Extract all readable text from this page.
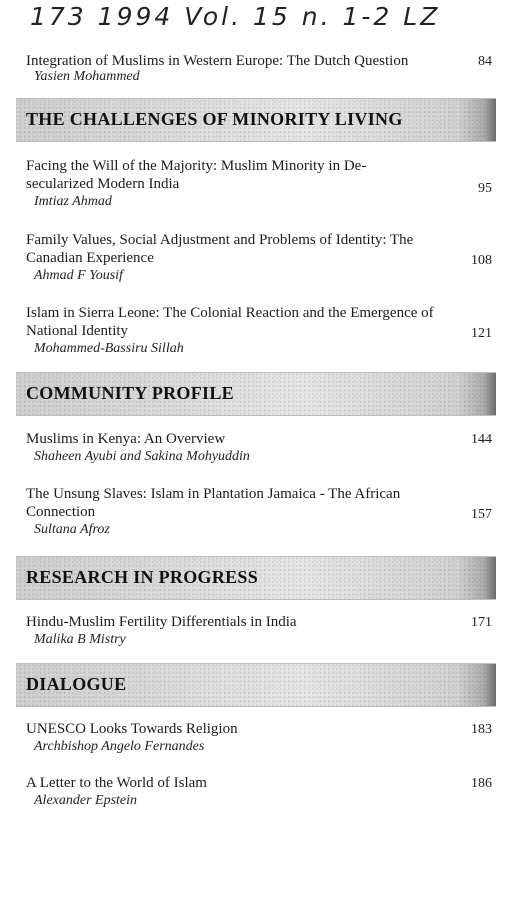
173 1994 Vol. 15 n. 1-2 LZ
Integration of Muslims in Western Europe: The Dutch Question
Yasien Mohammed
84
THE CHALLENGES OF MINORITY LIVING
Facing the Will of the Majority: Muslim Minority in De-secularized Modern India
Imtiaz Ahmad
95
Family Values, Social Adjustment and Problems of Identity: The Canadian Experience
Ahmad F Yousif
108
Islam in Sierra Leone: The Colonial Reaction and the Emergence of National Identity
Mohammed-Bassiru Sillah
121
COMMUNITY PROFILE
Muslims in Kenya: An Overview
Shaheen Ayubi and Sakina Mohyuddin
144
The Unsung Slaves: Islam in Plantation Jamaica - The African Connection
Sultana Afroz
157
RESEARCH IN PROGRESS
Hindu-Muslim Fertility Differentials in India
Malika B Mistry
171
DIALOGUE
UNESCO Looks Towards Religion
Archbishop Angelo Fernandes
183
A Letter to the World of Islam
Alexander Epstein
186
